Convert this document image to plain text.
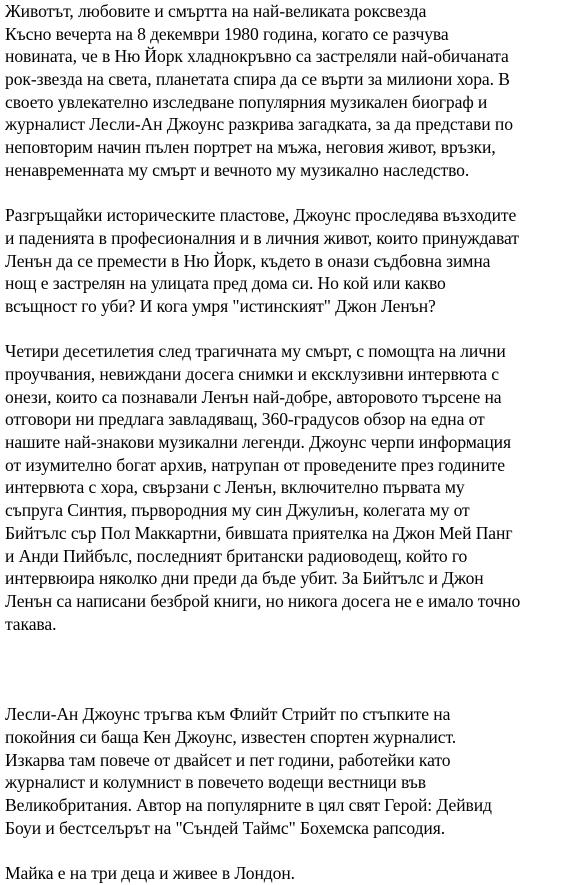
Животът, любовите и смъртта на най-великата роксвезда
Късно вечерта на 8 декември 1980 година, когато се разчува
новината, че в Ню Йорк хладнокръвно са застреляли най-обичаната
рок-звезда на света, планетата спира да се върти за милиони хора. В
своето увлекателно изследване популярния музикален биограф и
журналист Лесли-Ан Джоунс разкрива загадката, за да представи по
неповторим начин пълен портрет на мъжа, неговия живот, връзки,
ненавременната му смърт и вечното му музикално наследство.
Разгръщайки историческите пластове, Джоунс проследява възходите
и паденията в професионалния и в личния живот, които принуждават
Ленън да се премести в Ню Йорк, където в онази съдбовна зимна
нощ е застрелян на улицата пред дома си. Но кой или какво
всъщност го уби? И кога умря "истинският" Джон Ленън?
Четири десетилетия след трагичната му смърт, с помощта на лични
проучвания, невиждани досега снимки и ексклузивни интервюта с
онези, които са познавали Ленън най-добре, авторовото търсене на
отговори ни предлага завладяващ, 360-градусов обзор на една от
нашите най-знакови музикални легенди. Джоунс черпи информация
от изумително богат архив, натрупан от проведените през годините
интервюта с хора, свързани с Ленън, включително първата му
съпруга Синтия, първородния му син Джулиън, колегата му от
Бийтълс сър Пол Маккартни, бившата приятелка на Джон Мей Панг
и Анди Пийбълс, последният британски радиоводещ, който го
интервюира няколко дни преди да бъде убит. За Бийтълс и Джон
Ленън са написани безброй книги, но никога досега не е имало точно
такава.
Лесли-Ан Джоунс тръгва към Флийт Стрийт по стъпките на
покойния си баща Кен Джоунс, известен спортен журналист.
Изкарва там повече от двайсет и пет години, работейки като
журналист и колумнист в повечето водещи вестници във
Великобритания. Автор на популярните в цял свят Герой: Дейвид
Боуи и бестселърът на "Съндей Таймс" Бохемска рапсодия.
Майка е на три деца и живее в Лондон.
